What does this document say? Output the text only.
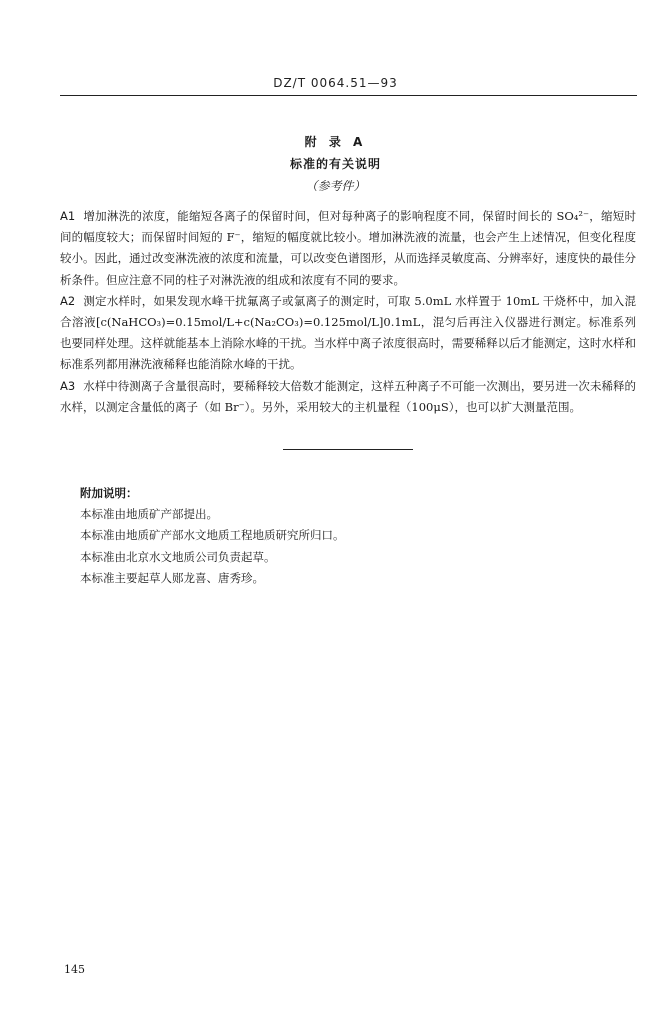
DZ/T 0064.51—93
附 录 A
标准的有关说明
（参考件）

A1 增加淋洗的浓度，能缩短各离子的保留时间，但对每种离子的影响程度不同，保留时间长的 SO₄²⁻，缩短时间的幅度较大；而保留时间短的 F⁻，缩短的幅度就比较小。增加淋洗液的流量，也会产生上述情况，但变化程度较小。因此，通过改变淋洗液的浓度和流量，可以改变色谱图形，从而选择灵敏度高、分辨率好，速度快的最佳分析条件。但应注意不同的柱子对淋洗液的组成和浓度有不同的要求。

A2 测定水样时，如果发现水峰干扰氟离子或氯离子的测定时，可取 5.0mL 水样置于 10mL 干烧杯中，加入混合溶液[c(NaHCO₃)=0.15mol/L+c(Na₂CO₃)=0.125mol/L]0.1mL，混匀后再注入仪器进行测定。标准系列也要同样处理。这样就能基本上消除水峰的干扰。当水样中离子浓度很高时，需要稀释以后才能测定，这时水样和标准系列都用淋洗液稀释也能消除水峰的干扰。

A3 水样中待测离子含量很高时，要稀释较大倍数才能测定，这样五种离子不可能一次测出，要另进一次未稀释的水样，以测定含量低的离子（如 Br⁻）。另外，采用较大的主机量程（100μS），也可以扩大测量范围。

附加说明：
本标准由地质矿产部提出。
本标准由地质矿产部水文地质工程地质研究所归口。
本标准由北京水文地质公司负责起草。
本标准主要起草人郧龙喜、唐秀珍。
145
